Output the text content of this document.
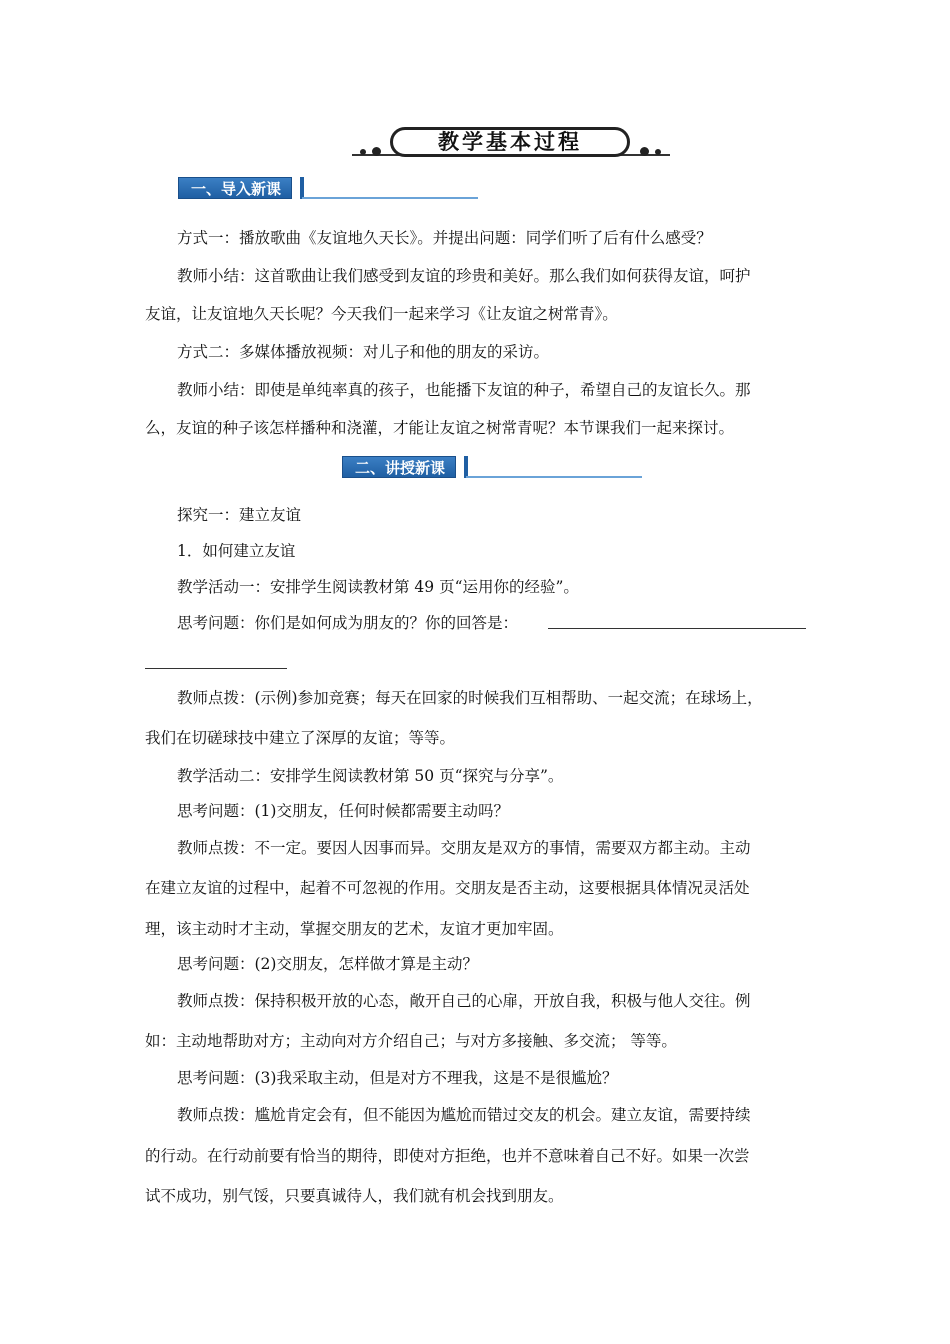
教学基本过程
一、导入新课

方式一：播放歌曲《友谊地久天长》。并提出问题：同学们听了后有什么感受？

教师小结：这首歌曲让我们感受到友谊的珍贵和美好。那么我们如何获得友谊，呵护

友谊，让友谊地久天长呢？今天我们一起来学习《让友谊之树常青》。

方式二：多媒体播放视频：对儿子和他的朋友的采访。

教师小结：即使是单纯率真的孩子，也能播下友谊的种子，希望自己的友谊长久。那

么，友谊的种子该怎样播种和浇灌，才能让友谊之树常青呢？本节课我们一起来探讨。

二、讲授新课

探究一：建立友谊

1．如何建立友谊

教学活动一：安排学生阅读教材第 49 页“运用你的经验”。

思考问题：你们是如何成为朋友的？你的回答是：

教师点拨：(示例)参加竞赛；每天在回家的时候我们互相帮助、一起交流；在球场上，

我们在切磋球技中建立了深厚的友谊；等等。

教学活动二：安排学生阅读教材第 50 页“探究与分享”。

思考问题：(1)交朋友，任何时候都需要主动吗？

教师点拨：不一定。要因人因事而异。交朋友是双方的事情，需要双方都主动。主动

在建立友谊的过程中，起着不可忽视的作用。交朋友是否主动，这要根据具体情况灵活处

理，该主动时才主动，掌握交朋友的艺术，友谊才更加牢固。

思考问题：(2)交朋友，怎样做才算是主动？

教师点拨：保持积极开放的心态，敞开自己的心扉，开放自我，积极与他人交往。例

如：主动地帮助对方；主动向对方介绍自己；与对方多接触、多交流； 等等。

思考问题：(3)我采取主动，但是对方不理我，这是不是很尴尬？

教师点拨：尴尬肯定会有，但不能因为尴尬而错过交友的机会。建立友谊，需要持续

的行动。在行动前要有恰当的期待，即使对方拒绝，也并不意味着自己不好。如果一次尝

试不成功，别气馁，只要真诚待人，我们就有机会找到朋友。
